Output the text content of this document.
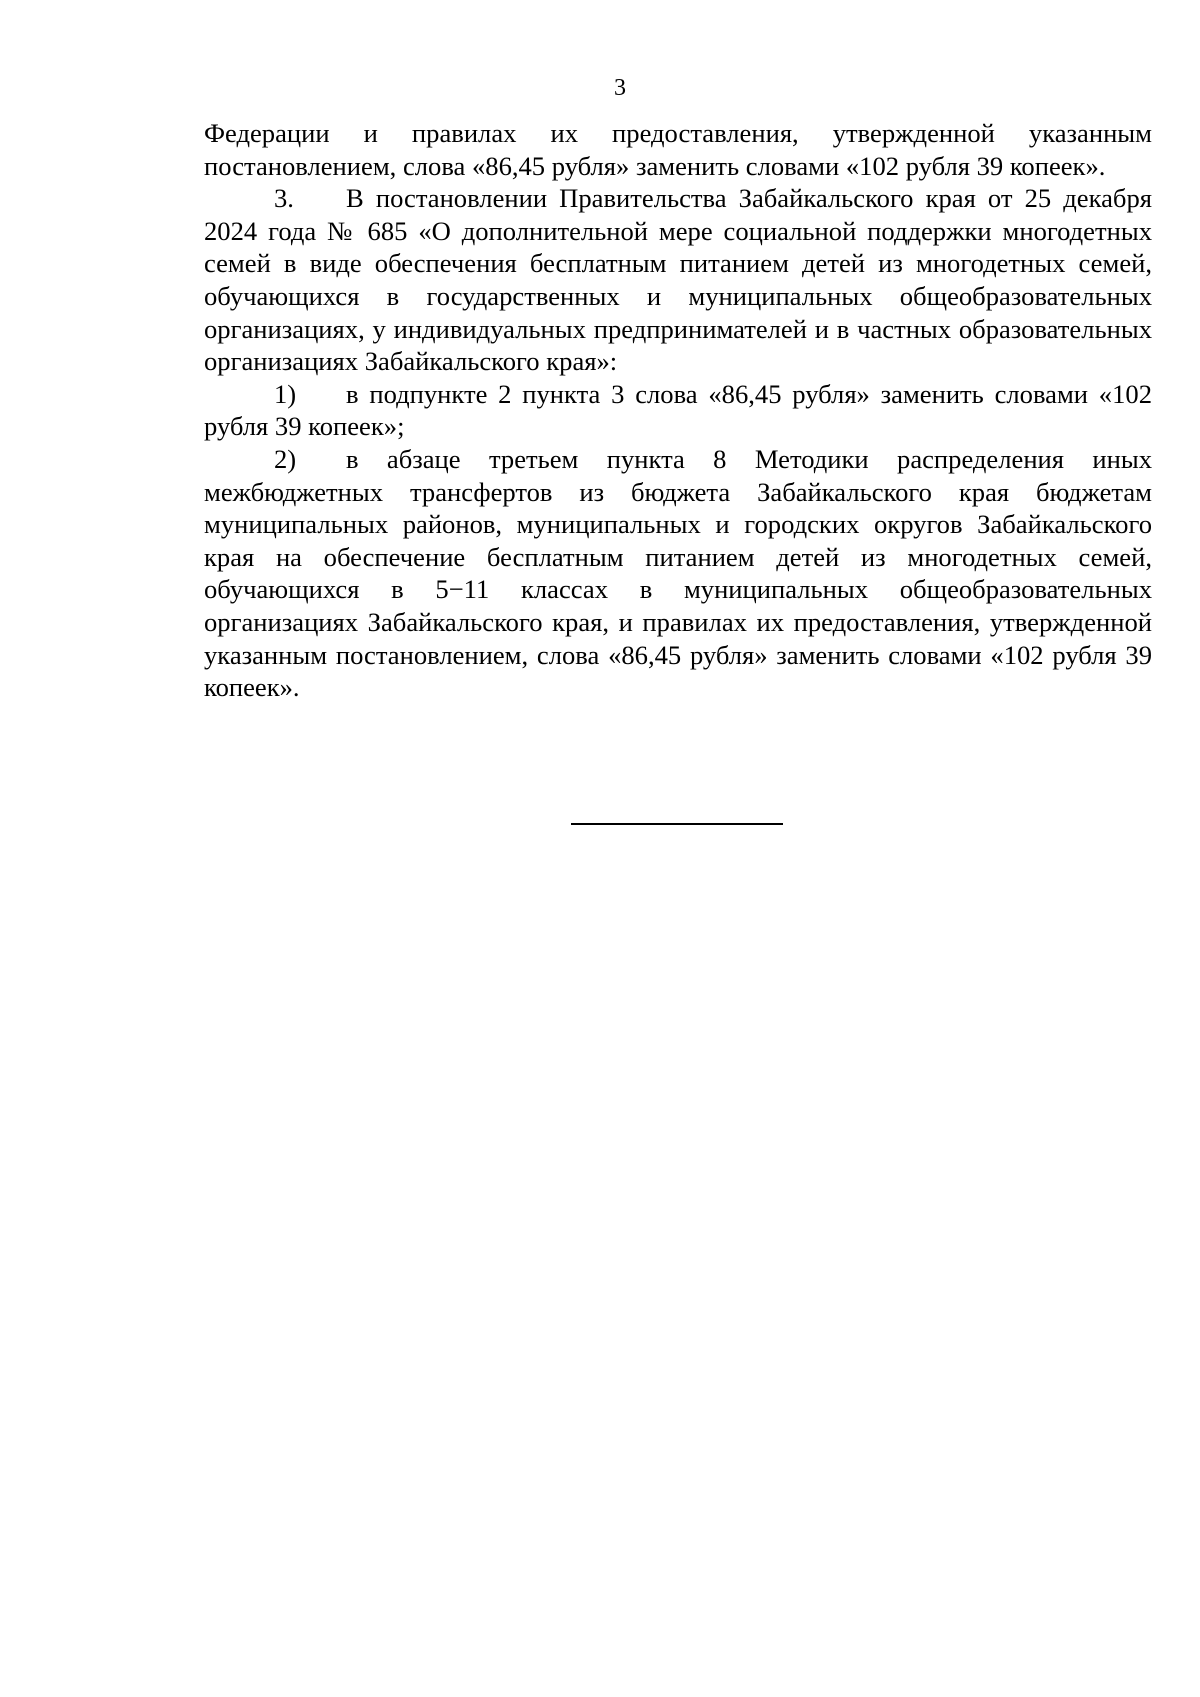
3

Федерации и правилах их предоставления, утвержденной указанным постановлением, слова «86,45 рубля» заменить словами «102 рубля 39 копеек».

3. В постановлении Правительства Забайкальского края от 25 декабря 2024 года № 685 «О дополнительной мере социальной поддержки многодетных семей в виде обеспечения бесплатным питанием детей из многодетных семей, обучающихся в государственных и муниципальных общеобразовательных организациях, у индивидуальных предпринимателей и в частных образовательных организациях Забайкальского края»:

1) в подпункте 2 пункта 3 слова «86,45 рубля» заменить словами «102 рубля 39 копеек»;

2) в абзаце третьем пункта 8 Методики распределения иных межбюджетных трансфертов из бюджета Забайкальского края бюджетам муниципальных районов, муниципальных и городских округов Забайкальского края на обеспечение бесплатным питанием детей из многодетных семей, обучающихся в 5−11 классах в муниципальных общеобразовательных организациях Забайкальского края, и правилах их предоставления, утвержденной указанным постановлением, слова «86,45 рубля» заменить словами «102 рубля 39 копеек».
